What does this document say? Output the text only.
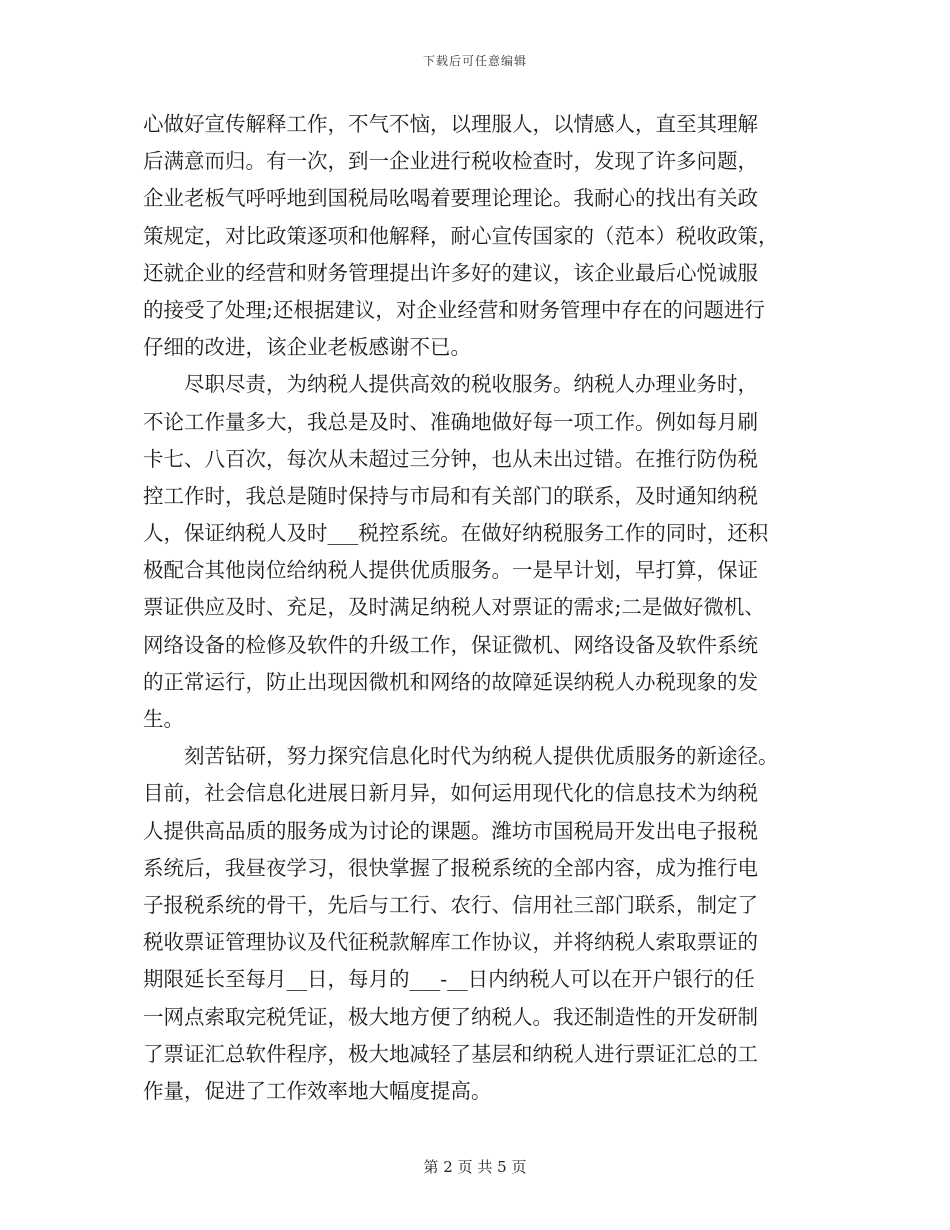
下载后可任意编辑
心做好宣传解释工作，不气不恼，以理服人，以情感人，直至其理解
后满意而归。有一次，到一企业进行税收检查时，发现了许多问题，
企业老板气呼呼地到国税局吆喝着要理论理论。我耐心的找出有关政
策规定，对比政策逐项和他解释，耐心宣传国家的（范本）税收政策，
还就企业的经营和财务管理提出许多好的建议，该企业最后心悦诚服
的接受了处理;还根据建议，对企业经营和财务管理中存在的问题进行
仔细的改进，该企业老板感谢不已。
尽职尽责，为纳税人提供高效的税收服务。纳税人办理业务时，
不论工作量多大，我总是及时、准确地做好每一项工作。例如每月刷
卡七、八百次，每次从未超过三分钟，也从未出过错。在推行防伪税
控工作时，我总是随时保持与市局和有关部门的联系，及时通知纳税
人，保证纳税人及时___税控系统。在做好纳税服务工作的同时，还积
极配合其他岗位给纳税人提供优质服务。一是早计划，早打算，保证
票证供应及时、充足，及时满足纳税人对票证的需求;二是做好微机、
网络设备的检修及软件的升级工作，保证微机、网络设备及软件系统
的正常运行，防止出现因微机和网络的故障延误纳税人办税现象的发
生。
刻苦钻研，努力探究信息化时代为纳税人提供优质服务的新途径。
目前，社会信息化进展日新月异，如何运用现代化的信息技术为纳税
人提供高品质的服务成为讨论的课题。潍坊市国税局开发出电子报税
系统后，我昼夜学习，很快掌握了报税系统的全部内容，成为推行电
子报税系统的骨干，先后与工行、农行、信用社三部门联系，制定了
税收票证管理协议及代征税款解库工作协议，并将纳税人索取票证的
期限延长至每月__日，每月的___-__日内纳税人可以在开户银行的任
一网点索取完税凭证，极大地方便了纳税人。我还制造性的开发研制
了票证汇总软件程序，极大地减轻了基层和纳税人进行票证汇总的工
作量，促进了工作效率地大幅度提高。
第 2 页 共 5 页
